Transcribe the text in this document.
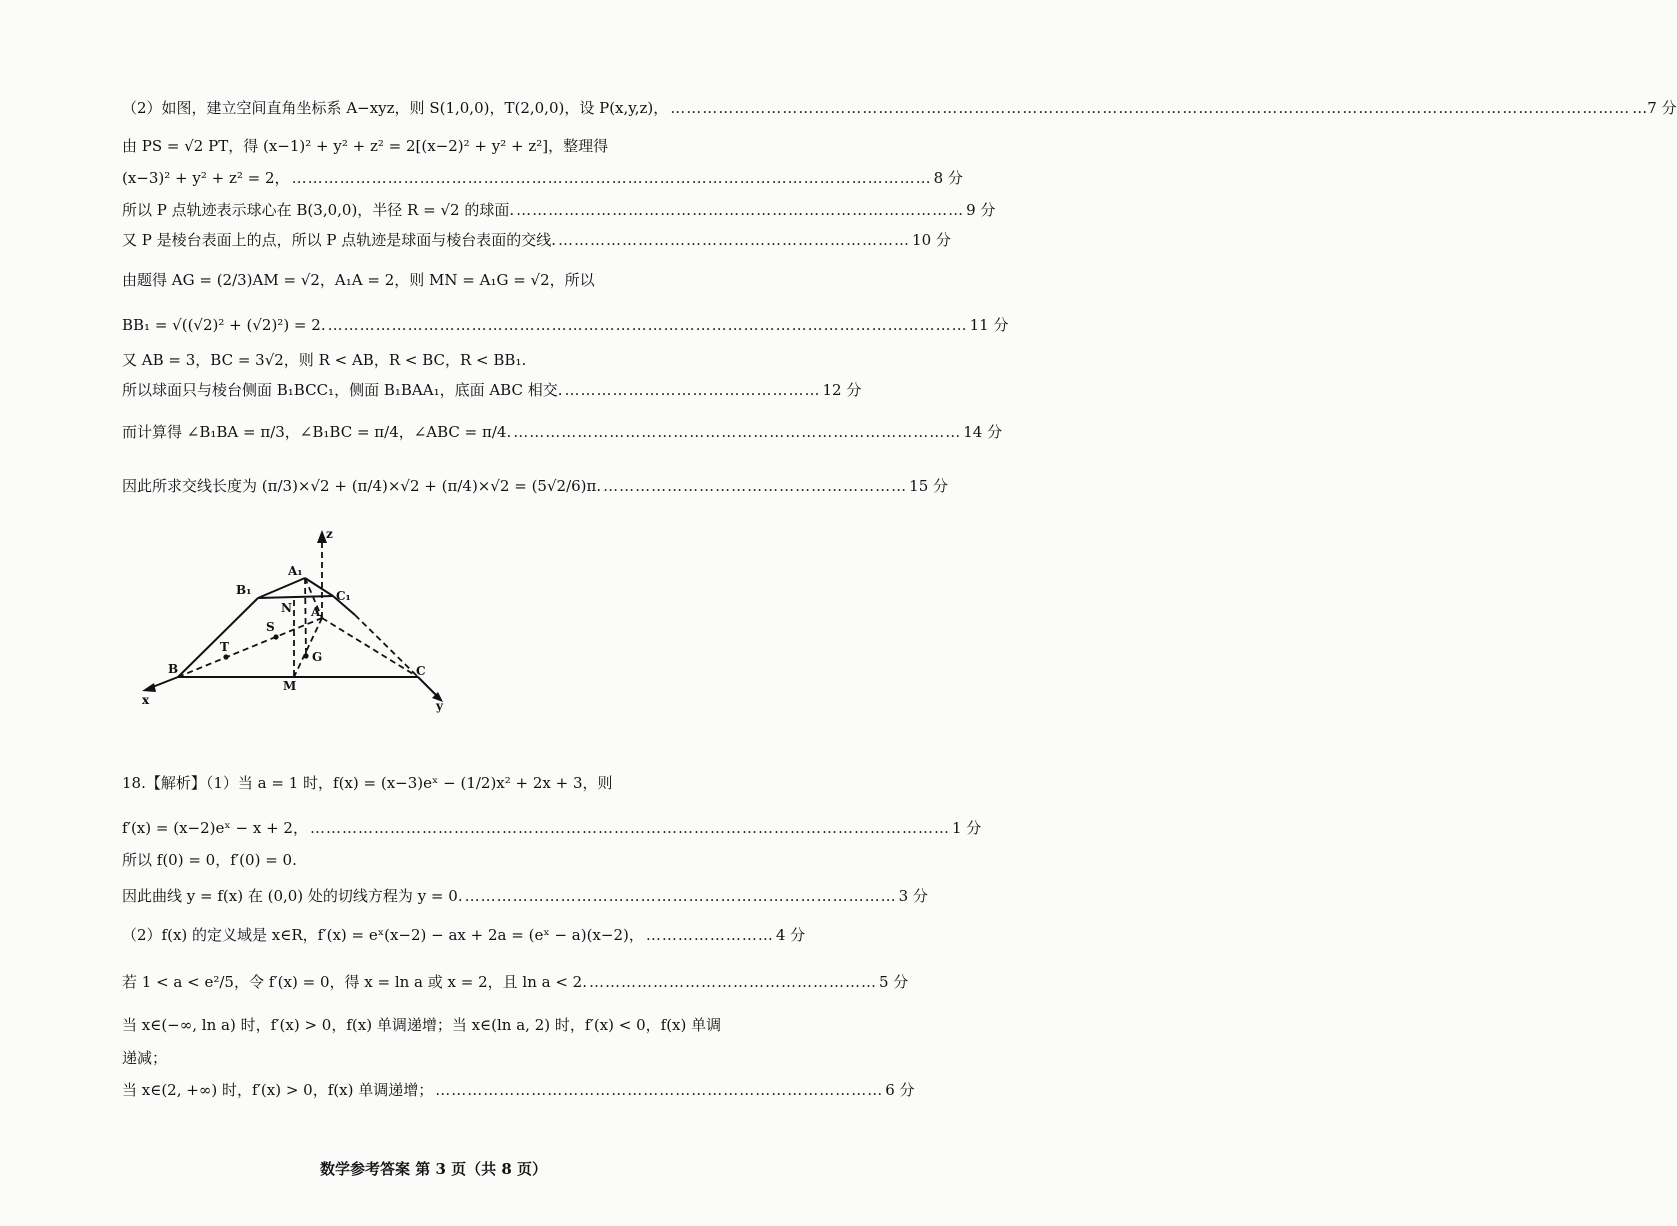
（2）如图，建立空间直角坐标系 A−xyz，则 S(1,0,0)，T(2,0,0)，设 P(x,y,z)， ……………………………………………………………………………………………………………………………………………………………… …7 分
由 PS = √2 PT，得 (x−1)² + y² + z² = 2[(x−2)² + y² + z²]，整理得
(x−3)² + y² + z² = 2， ………………………………………………………………………………………………………… 8 分
所以 P 点轨迹表示球心在 B(3,0,0)，半径 R = √2 的球面. ………………………………………………………………………… 9 分
又 P 是棱台表面上的点，所以 P 点轨迹是球面与棱台表面的交线. ………………………………………………………… 10 分
由题得 AG = (2/3)AM = √2，A₁A = 2，则 MN = A₁G = √2，所以
BB₁ = √((√2)² + (√2)²) = 2. ………………………………………………………………………………………………………… 11 分
又 AB = 3，BC = 3√2，则 R < AB，R < BC，R < BB₁.
所以球面只与棱台侧面 B₁BCC₁，侧面 B₁BAA₁，底面 ABC 相交. ………………………………………… 12 分
而计算得 ∠B₁BA = π/3，∠B₁BC = π/4，∠ABC = π/4. ………………………………………………………………………… 14 分
因此所求交线长度为 (π/3)×√2 + (π/4)×√2 + (π/4)×√2 = (5√2/6)π. ………………………………………………… 15 分
z
A₁
B₁	C₁
N A
S
T
G
B
M
C
x	y
18.【解析】（1）当 a = 1 时，f(x) = (x−3)eˣ − (1/2)x² + 2x + 3，则
f′(x) = (x−2)eˣ − x + 2， ………………………………………………………………………………………………………… 1 分
所以 f(0) = 0，f′(0) = 0.
因此曲线 y = f(x) 在 (0,0) 处的切线方程为 y = 0. ……………………………………………………………………… 3 分
（2）f(x) 的定义域是 x∈R，f′(x) = eˣ(x−2) − ax + 2a = (eˣ − a)(x−2)， …………………… 4 分
若 1 < a < e²/5，令 f′(x) = 0，得 x = ln a 或 x = 2，且 ln a < 2. ……………………………………………… 5 分
当 x∈(−∞, ln a) 时，f′(x) > 0，f(x) 单调递增；当 x∈(ln a, 2) 时，f′(x) < 0，f(x) 单调
递减；
当 x∈(2, +∞) 时，f′(x) > 0，f(x) 单调递增； ………………………………………………………………………… 6 分
数学参考答案 第 3 页（共 8 页）
